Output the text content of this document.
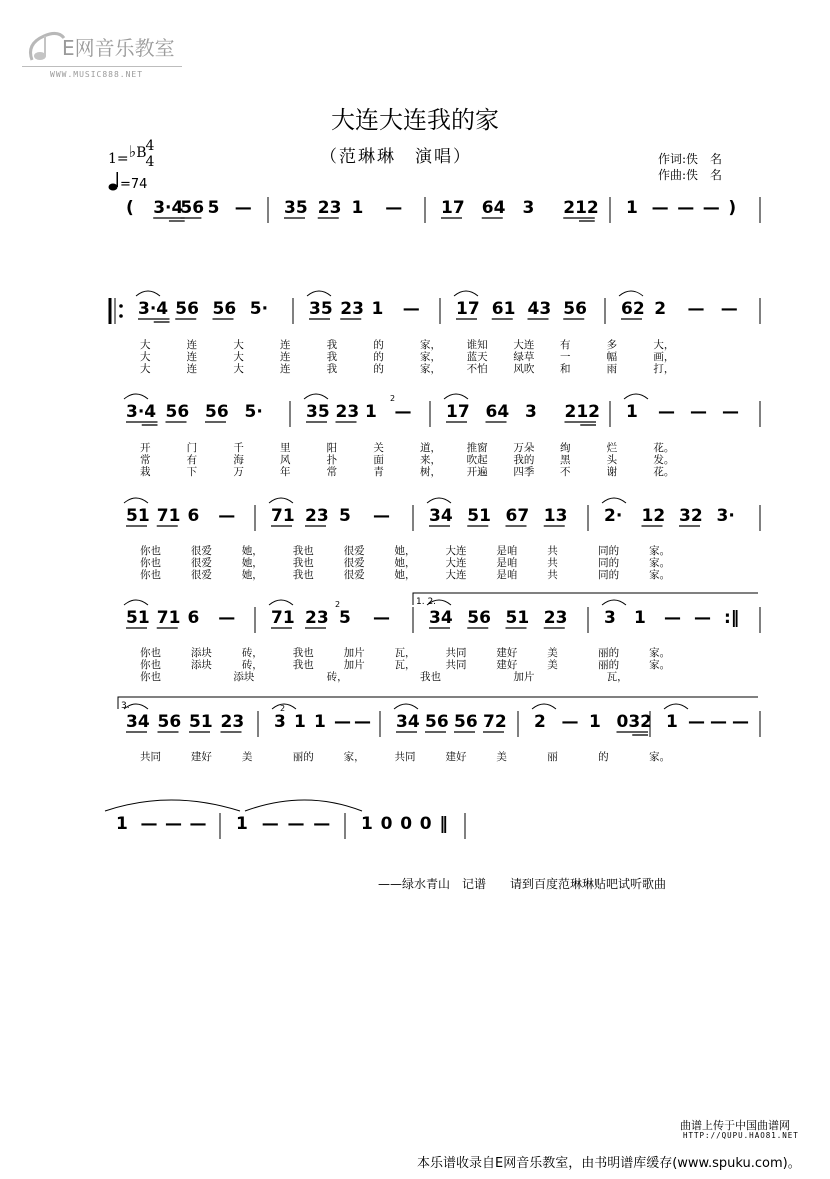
E网音乐教室
WWW.MUSIC888.NET
大连大连我的家
（范琳琳　演唱）
1=♭B 4
4
=74
作词:佚　名
作曲:佚　名
( 3·4
56 5 — 35 23 1 — 17 64 3 212 1 — — — )
3·4 56 56 5· 35 23 1 — 17 61 43 56 62 2 — —
3·4 56 56 5·	35 23 1 — 17 64 3 212 1 — — —
2
51 71 6 — 71 23 5 — 34 51 67 13 2· 12 32 3·
1. 2.
51 71 6 — 71 23 5 — 34 56 51 23 3 1 — — :‖
2
3.
34 56 51 23 3 1 1 — — 34 56 56 72 2 — 1 032 1 — — —
2
1 — — — 1 — — — 1 0 0 0 ‖
大	连	大	连	我	的	家， 谁知 大连 有	多	大，
大	连	大	连	我	的	家， 蓝天 绿草 一	幅	画，
大	连	大	连	我	的	家， 不怕 风吹 和	雨	打，
开	门	千	里	阳	关	道， 推窗 万朵 绚	烂	花。
常	有	海	风	扑	面	来， 吹起 我的 黑	头	发。
栽	下	万	年	常	青	树， 开遍 四季 不	谢	花。
你也	很爱	她，	我也	很爱	她，	大连	是咱	共	同的	家。
你也	很爱	她，	我也	很爱	她，	大连	是咱	共	同的	家。
你也	很爱	她，	我也	很爱	她，	大连	是咱	共	同的	家。
你也	添块	砖，	我也	加片	瓦，	共同	建好	美	丽的	家。
你也	添块	砖，	我也	加片	瓦，	共同	建好	美	丽的	家。
你也	添块	砖，	我也	加片	瓦，
共同	建好	美	丽的	家，	共同	建好	美	丽	的	家。
——绿水青山　记谱　　请到百度范琳琳贴吧试听歌曲
曲谱上传于中国曲谱网
HTTP://QUPU.HAO81.NET
本乐谱收录自E网音乐教室，由书明谱库缓存(www.spuku.com)。
